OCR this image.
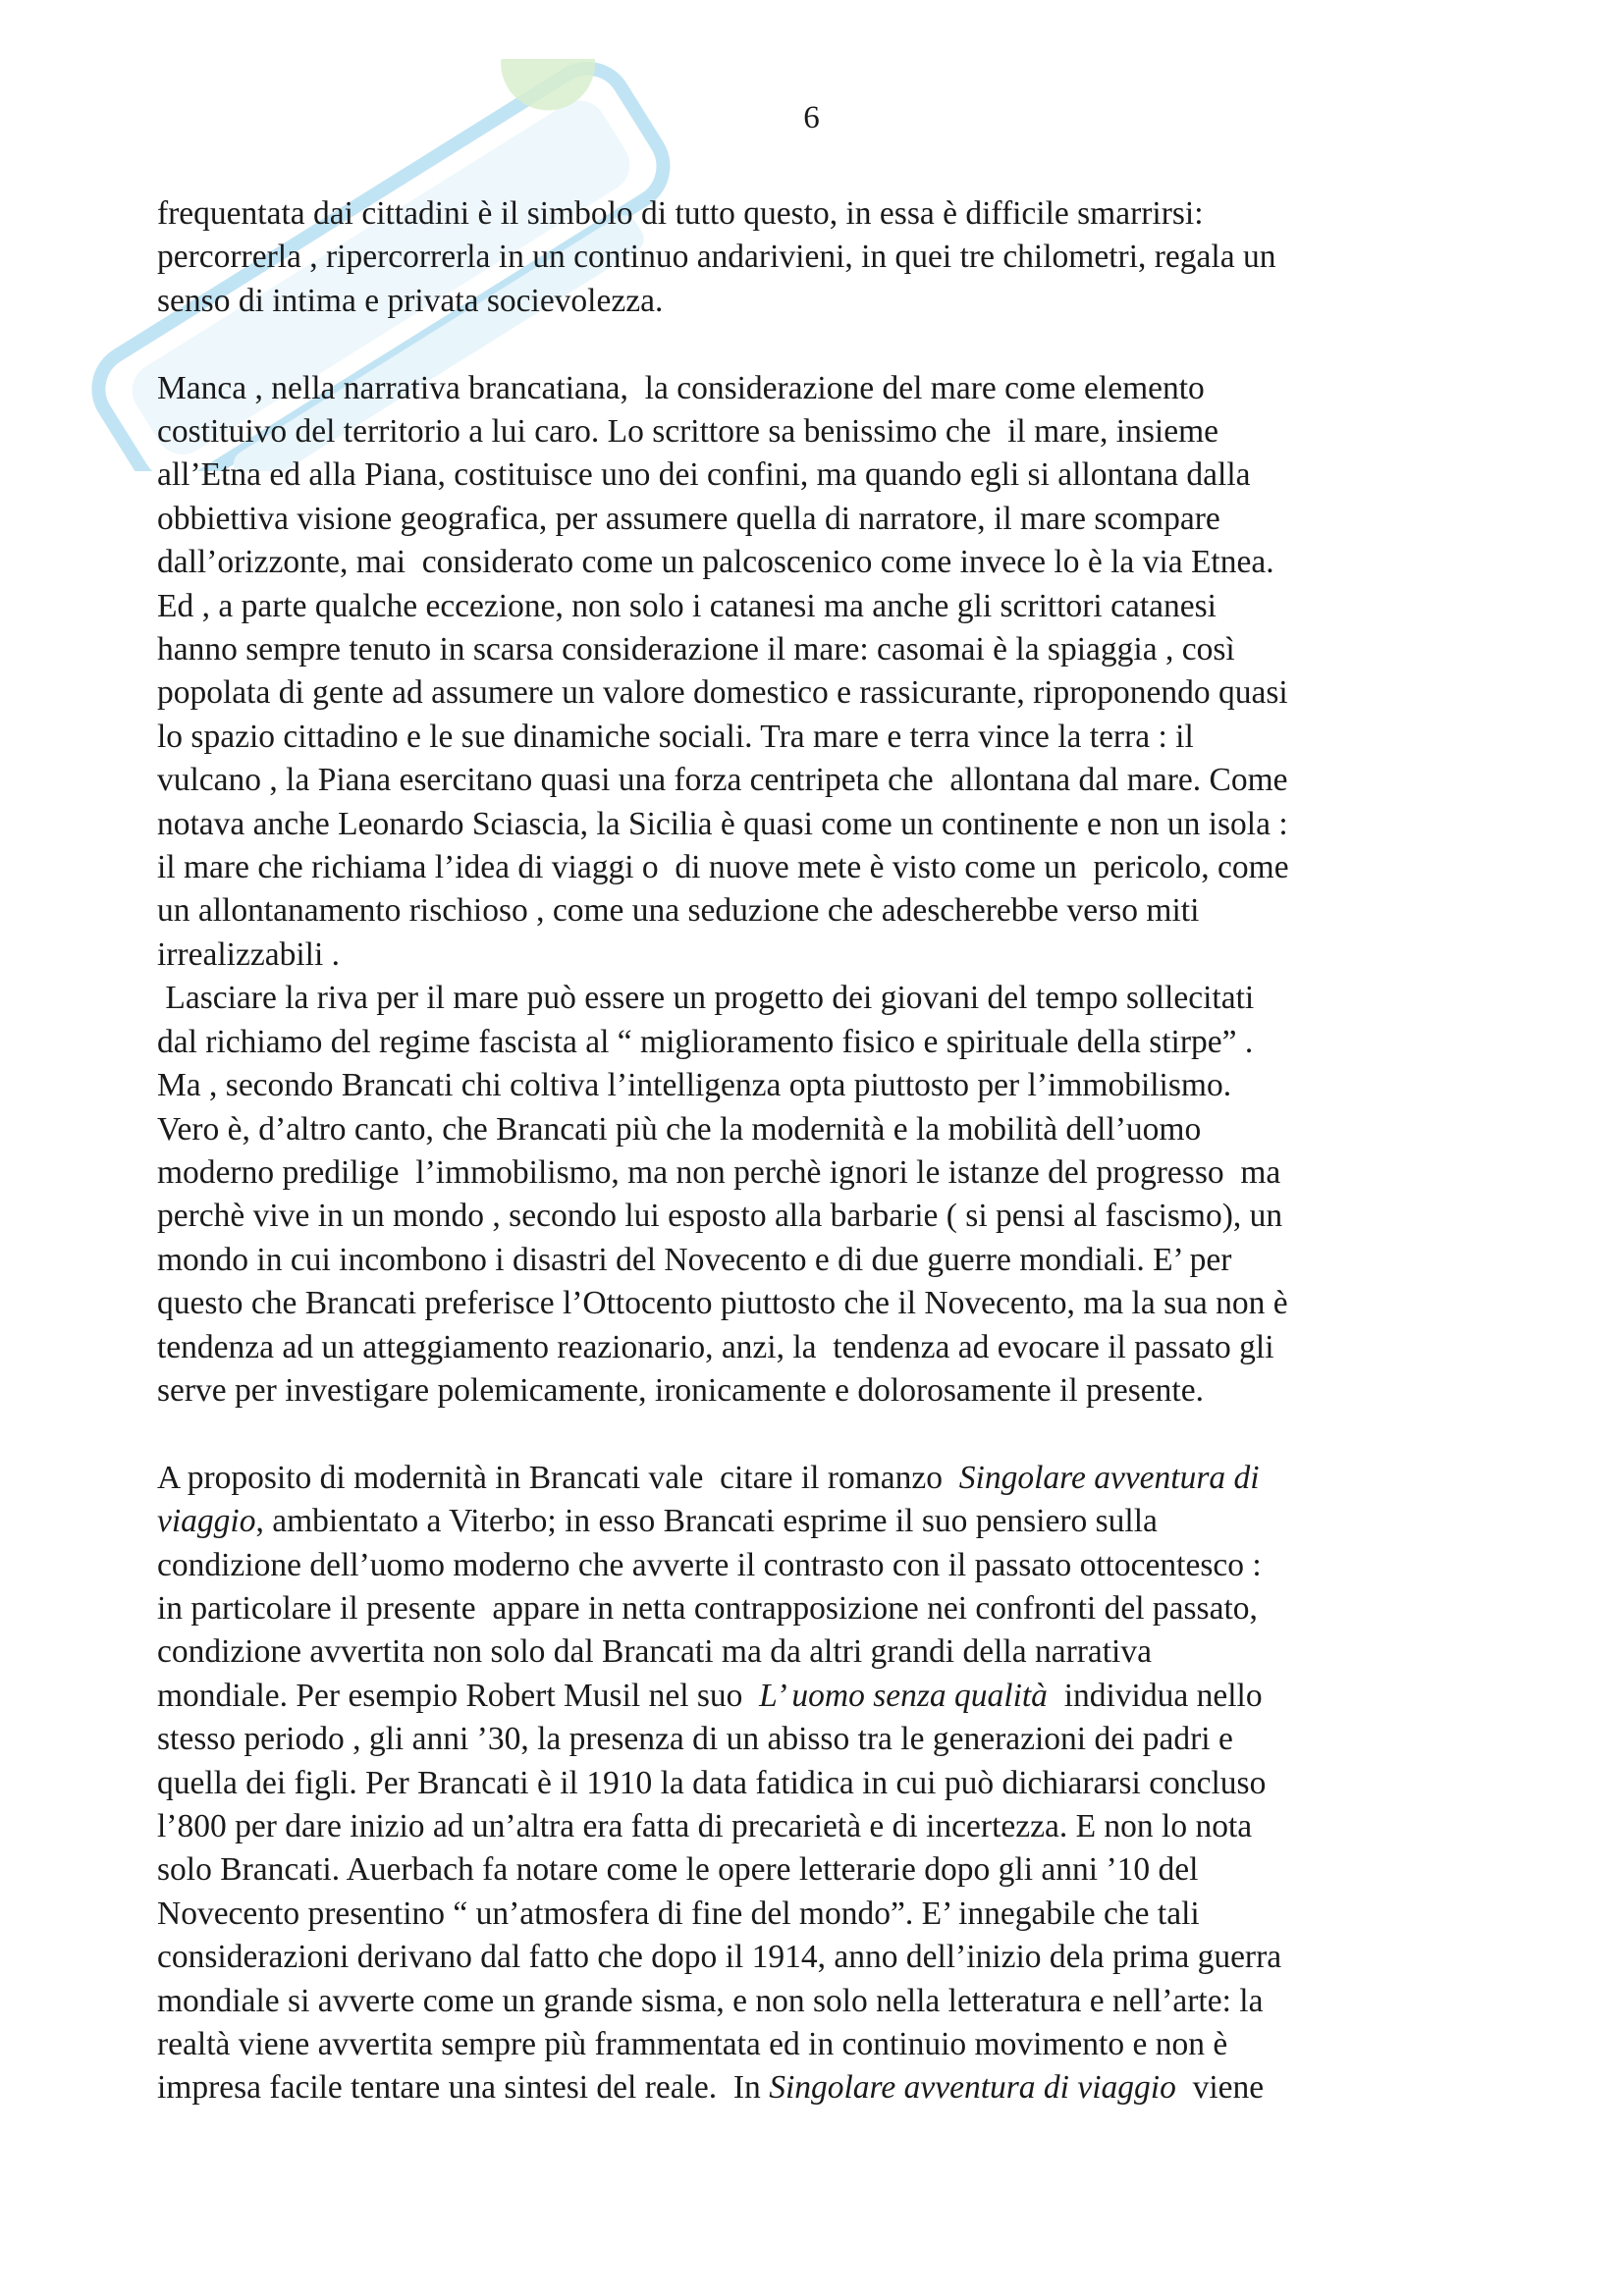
6
frequentata dai cittadini è il simbolo di tutto questo, in essa è difficile smarrirsi:
percorrerla , ripercorrerla in un continuo andarivieni, in quei tre chilometri, regala un
senso di intima e privata socievolezza.
Manca , nella narrativa brancatiana,  la considerazione del mare come elemento
costituivo del territorio a lui caro. Lo scrittore sa benissimo che  il mare, insieme
all’Etna ed alla Piana, costituisce uno dei confini, ma quando egli si allontana dalla
obbiettiva visione geografica, per assumere quella di narratore, il mare scompare
dall’orizzonte, mai  considerato come un palcoscenico come invece lo è la via Etnea.
Ed , a parte qualche eccezione, non solo i catanesi ma anche gli scrittori catanesi
hanno sempre tenuto in scarsa considerazione il mare: casomai è la spiaggia , così
popolata di gente ad assumere un valore domestico e rassicurante, riproponendo quasi
lo spazio cittadino e le sue dinamiche sociali. Tra mare e terra vince la terra : il
vulcano , la Piana esercitano quasi una forza centripeta che  allontana dal mare. Come
notava anche Leonardo Sciascia, la Sicilia è quasi come un continente e non un isola :
il mare che richiama l’idea di viaggi o  di nuove mete è visto come un  pericolo, come
un allontanamento rischioso , come una seduzione che adescherebbe verso miti
irrealizzabili .
Lasciare la riva per il mare può essere un progetto dei giovani del tempo sollecitati
dal richiamo del regime fascista al “ miglioramento fisico e spirituale della stirpe” .
Ma , secondo Brancati chi coltiva l’intelligenza opta piuttosto per l’immobilismo.
Vero è, d’altro canto, che Brancati più che la modernità e la mobilità dell’uomo
moderno predilige  l’immobilismo, ma non perchè ignori le istanze del progresso  ma
perchè vive in un mondo , secondo lui esposto alla barbarie ( si pensi al fascismo), un
mondo in cui incombono i disastri del Novecento e di due guerre mondiali. E’ per
questo che Brancati preferisce l’Ottocento piuttosto che il Novecento, ma la sua non è
tendenza ad un atteggiamento reazionario, anzi, la  tendenza ad evocare il passato gli
serve per investigare polemicamente, ironicamente e dolorosamente il presente.
A proposito di modernità in Brancati vale  citare il romanzo  Singolare avventura di
viaggio, ambientato a Viterbo; in esso Brancati esprime il suo pensiero sulla
condizione dell’uomo moderno che avverte il contrasto con il passato ottocentesco :
in particolare il presente  appare in netta contrapposizione nei confronti del passato,
condizione avvertita non solo dal Brancati ma da altri grandi della narrativa
mondiale. Per esempio Robert Musil nel suo  L’ uomo senza qualità  individua nello
stesso periodo , gli anni ’30, la presenza di un abisso tra le generazioni dei padri e
quella dei figli. Per Brancati è il 1910 la data fatidica in cui può dichiararsi concluso
l’800 per dare inizio ad un’altra era fatta di precarietà e di incertezza. E non lo nota
solo Brancati. Auerbach fa notare come le opere letterarie dopo gli anni ’10 del
Novecento presentino “ un’atmosfera di fine del mondo”. E’ innegabile che tali
considerazioni derivano dal fatto che dopo il 1914, anno dell’inizio dela prima guerra
mondiale si avverte come un grande sisma, e non solo nella letteratura e nell’arte: la
realtà viene avvertita sempre più frammentata ed in continuio movimento e non è
impresa facile tentare una sintesi del reale.  In Singolare avventura di viaggio  viene
